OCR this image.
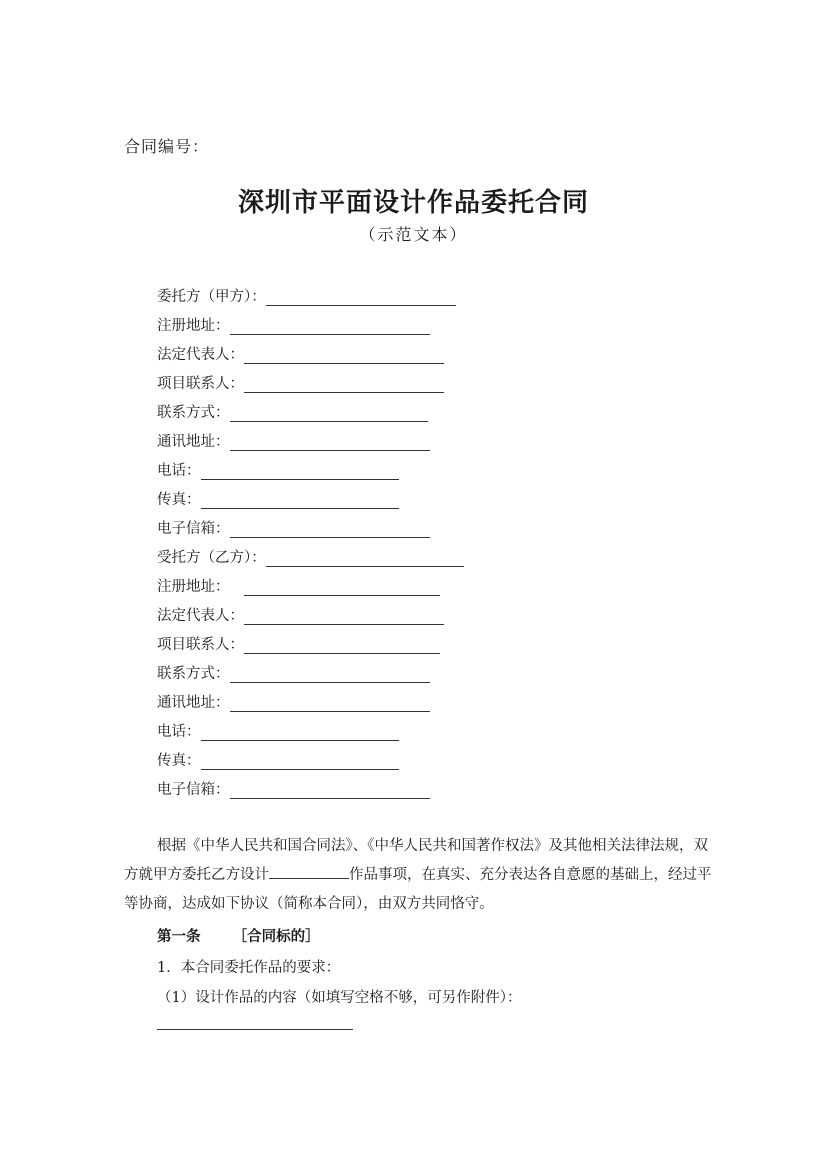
合同编号：
深圳市平面设计作品委托合同
（示范文本）
委托方（甲方）：
注册地址：
法定代表人：
项目联系人：
联系方式：
通讯地址：
电话：
传真：
电子信箱：
受托方（乙方）：
注册地址：
法定代表人：
项目联系人：
联系方式：
通讯地址：
电话：
传真：
电子信箱：

根据《中华人民共和国合同法》、《中华人民共和国著作权法》及其他相关法律法规，双方就甲方委托乙方设计	作品事项，在真实、充分表达各自意愿的基础上，经过平等协商，达成如下协议（简称本合同），由双方共同恪守。

第一条 ［合同标的］
1．本合同委托作品的要求：
（1）设计作品的内容（如填写空格不够，可另作附件）：
